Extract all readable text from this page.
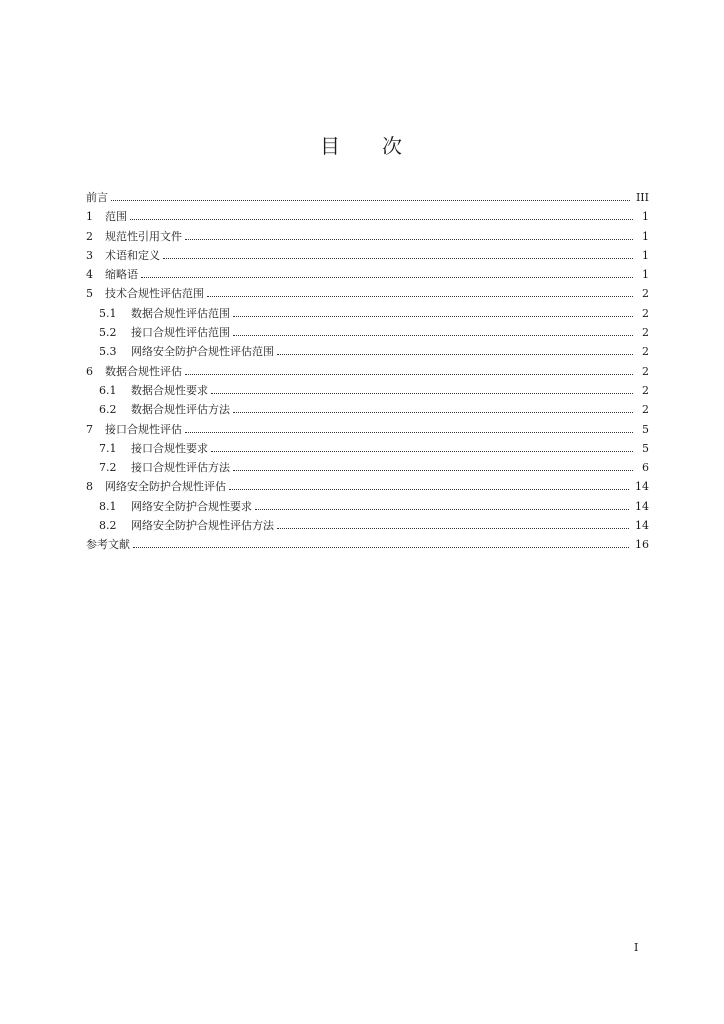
目 次
前言	III
1 范围	1
2 规范性引用文件	1
3 术语和定义	1
4 缩略语	1
5 技术合规性评估范围	2
5.1 数据合规性评估范围	2
5.2 接口合规性评估范围	2
5.3 网络安全防护合规性评估范围	2
6 数据合规性评估	2
6.1 数据合规性要求	2
6.2 数据合规性评估方法	2
7 接口合规性评估	5
7.1 接口合规性要求	5
7.2 接口合规性评估方法	6
8 网络安全防护合规性评估	14
8.1 网络安全防护合规性要求	14
8.2 网络安全防护合规性评估方法	14
参考文献	16
I
